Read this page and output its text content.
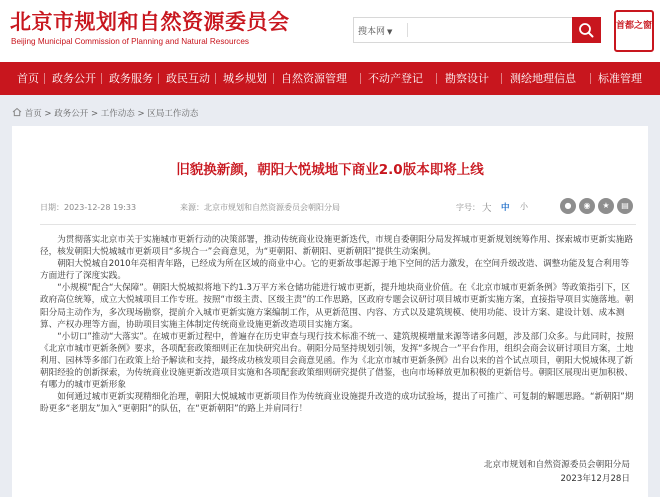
北京市规划和自然资源委员会
Beijing Municipal Commission of Planning and Natural Resources
搜本网 ▼
首都之窗
首页 政务公开 政务服务 政民互动 城乡规划 自然资源管理 不动产登记 勘察设计 测绘地理信息 标准管理
首页 > 政务公开 > 工作动态 > 区局工作动态
旧貌换新颜，朝阳大悦城地下商业2.0版本即将上线
日期：2023-12-28 19:33	来源：北京市规划和自然资源委员会朝阳分局	字号： 大 中 小	●	◉	★	▤

为贯彻落实北京市关于实施城市更新行动的决策部署，推动传统商业设施更新迭代，市规自委朝阳分局发挥城市更新规划统筹作用、探索城市更新实施路径，核发朝阳大悦城城市更新项目“多规合一”会商意见，为“更朝阳、新朝阳、更新朝阳”提供生动案例。

朝阳大悦城自2010年亮相青年路，已经成为所在区域的商业中心。它的更新故事起源于地下空间的活力激发，在空间升级改造、调整功能及复合利用等方面进行了深度实践。

“小规模”配合“大保障”。朝阳大悦城拟将地下约1.3万平方米仓储功能进行城市更新，提升地块商业价值。在《北京市城市更新条例》等政策指引下，区政府高位统筹，成立大悦城项目工作专班。按照“市级主责、区级主责”的工作思路，区政府专题会议研讨项目城市更新实施方案，直接指导项目实施落地。朝阳分局主动作为，多次现场勘察，提前介入城市更新实施方案编制工作，从更新范围、内容、方式以及建筑规模、使用功能、设计方案、建设计划、成本测算、产权办理等方面，协助项目实施主体制定传统商业设施更新改造项目实施方案。

“小切口”推动“大落实”。在城市更新过程中，普遍存在历史审查与现行技术标准不统一、建筑规模增量来源等诸多问题，涉及部门众多。与此同时，按照《北京市城市更新条例》要求，各项配套政策细则正在加快研究出台。朝阳分局坚持规划引领，发挥“多规合一”平台作用，组织会商会议研讨项目方案，土地利用、园林等多部门在政策上给予解读和支持，最终成功核发项目会商意见函。作为《北京市城市更新条例》出台以来的首个试点项目，朝阳大悦城体现了新朝阳经验的创新探索，为传统商业设施更新改造项目实施和各项配套政策细则研究提供了借鉴，也向市场释放更加积极的更新信号。朝阳区展现出更加积极、有哪力的城市更新形象

如何通过城市更新实现精细化治理，朝阳大悦城城市更新项目作为传统商业设施提升改造的成功试验场，提出了可推广、可复制的解题思路。“新朝阳”期盼更多“老朋友”加入“更朝阳”的队伍，在“更新朝阳”的路上并肩同行！

北京市规划和自然资源委员会朝阳分局
2023年12月28日
